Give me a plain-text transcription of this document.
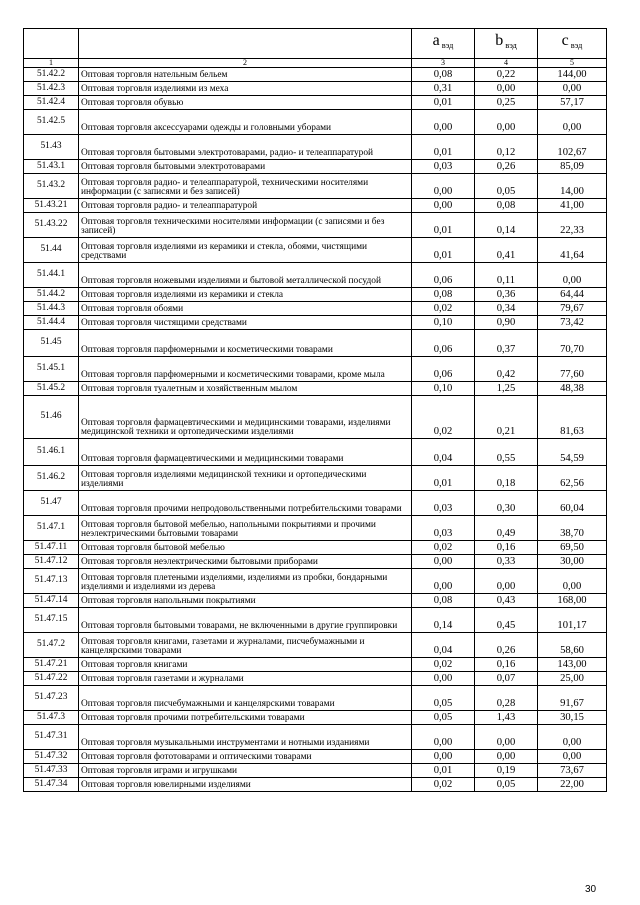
		a $_{вэд}$	b $_{вэд}$	c $_{вэд}$
1	2	3	4	5
51.42.2	Оптовая торговля нательным бельем	0,08	0,22	144,00
51.42.3	Оптовая торговля изделиями из меха	0,31	0,00	0,00
51.42.4	Оптовая торговля обувью	0,01	0,25	57,17
51.42.5	Оптовая торговля аксессуарами одежды и головными уборами	0,00	0,00	0,00
51.43	Оптовая торговля бытовыми электротоварами, радио- и телеаппаратурой	0,01	0,12	102,67
51.43.1	Оптовая торговля бытовыми электротоварами	0,03	0,26	85,09
51.43.2	Оптовая торговля радио- и телеаппаратурой, техническими носителями информации (с записями и без записей)	0,00	0,05	14,00
51.43.21	Оптовая торговля радио- и телеаппаратурой	0,00	0,08	41,00
51.43.22	Оптовая торговля техническими носителями информации (с записями и без записей)	0,01	0,14	22,33
51.44	Оптовая торговля изделиями из керамики и стекла, обоями, чистящими средствами	0,01	0,41	41,64
51.44.1	Оптовая торговля ножевыми изделиями и бытовой металлической посудой	0,06	0,11	0,00
51.44.2	Оптовая торговля изделиями из керамики и стекла	0,08	0,36	64,44
51.44.3	Оптовая торговля обоями	0,02	0,34	79,67
51.44.4	Оптовая торговля чистящими средствами	0,10	0,90	73,42
51.45	Оптовая торговля парфюмерными и косметическими товарами	0,06	0,37	70,70
51.45.1	Оптовая торговля парфюмерными и косметическими товарами, кроме мыла	0,06	0,42	77,60
51.45.2	Оптовая торговля туалетным и хозяйственным мылом	0,10	1,25	48,38
51.46	Оптовая торговля фармацевтическими и медицинскими товарами, изделиями медицинской техники и ортопедическими изделиями	0,02	0,21	81,63
51.46.1	Оптовая торговля фармацевтическими и медицинскими товарами	0,04	0,55	54,59
51.46.2	Оптовая торговля изделиями медицинской техники и ортопедическими изделиями	0,01	0,18	62,56
51.47	Оптовая торговля прочими непродовольственными потребительскими товарами	0,03	0,30	60,04
51.47.1	Оптовая торговля бытовой мебелью, напольными покрытиями и прочими неэлектрическими бытовыми товарами	0,03	0,49	38,70
51.47.11	Оптовая торговля бытовой мебелью	0,02	0,16	69,50
51.47.12	Оптовая торговля неэлектрическими бытовыми приборами	0,00	0,33	30,00
51.47.13	Оптовая торговля плетеными изделиями, изделиями из пробки, бондарными изделиями и изделиями из дерева	0,00	0,00	0,00
51.47.14	Оптовая торговля напольными покрытиями	0,08	0,43	168,00
51.47.15	Оптовая торговля бытовыми товарами, не включенными в другие группировки	0,14	0,45	101,17
51.47.2	Оптовая торговля книгами, газетами и журналами, писчебумажными и канцелярскими товарами	0,04	0,26	58,60
51.47.21	Оптовая торговля книгами	0,02	0,16	143,00
51.47.22	Оптовая торговля газетами и журналами	0,00	0,07	25,00
51.47.23	Оптовая торговля писчебумажными и канцелярскими товарами	0,05	0,28	91,67
51.47.3	Оптовая торговля прочими потребительскими товарами	0,05	1,43	30,15
51.47.31	Оптовая торговля музыкальными инструментами и нотными изданиями	0,00	0,00	0,00
51.47.32	Оптовая торговля фототоварами и оптическими товарами	0,00	0,00	0,00
51.47.33	Оптовая торговля играми и игрушками	0,01	0,19	73,67
51.47.34	Оптовая торговля ювелирными изделиями	0,02	0,05	22,00
30
